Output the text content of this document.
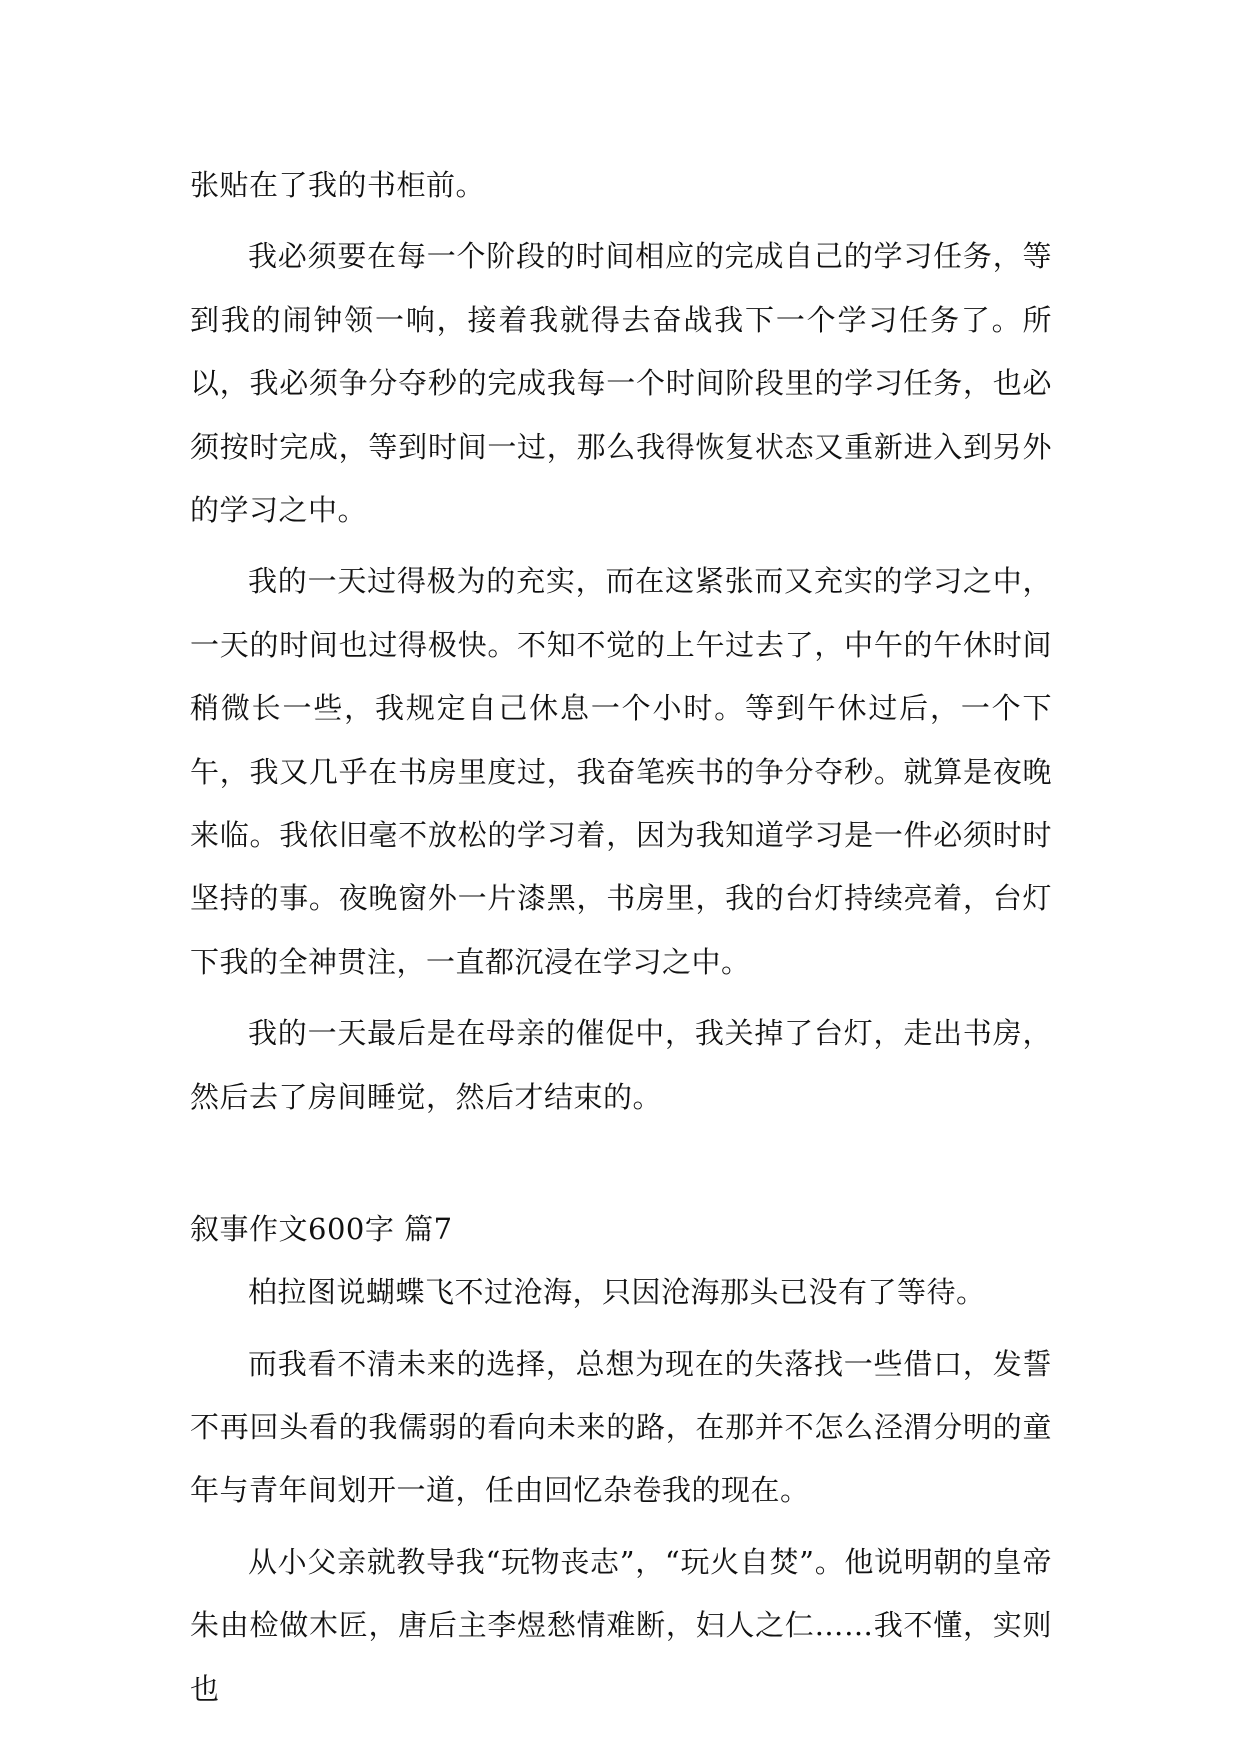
张贴在了我的书柜前。

我必须要在每一个阶段的时间相应的完成自己的学习任务，等到我的闹钟领一响，接着我就得去奋战我下一个学习任务了。所以，我必须争分夺秒的完成我每一个时间阶段里的学习任务，也必须按时完成，等到时间一过，那么我得恢复状态又重新进入到另外的学习之中。

我的一天过得极为的充实，而在这紧张而又充实的学习之中，一天的时间也过得极快。不知不觉的上午过去了，中午的午休时间稍微长一些，我规定自己休息一个小时。等到午休过后，一个下午，我又几乎在书房里度过，我奋笔疾书的争分夺秒。就算是夜晚来临。我依旧毫不放松的学习着，因为我知道学习是一件必须时时坚持的事。夜晚窗外一片漆黑，书房里，我的台灯持续亮着，台灯下我的全神贯注，一直都沉浸在学习之中。

我的一天最后是在母亲的催促中，我关掉了台灯，走出书房，然后去了房间睡觉，然后才结束的。

叙事作文600字 篇7

柏拉图说蝴蝶飞不过沧海，只因沧海那头已没有了等待。

而我看不清未来的选择，总想为现在的失落找一些借口，发誓不再回头看的我儒弱的看向未来的路，在那并不怎么泾渭分明的童年与青年间划开一道，任由回忆杂卷我的现在。

从小父亲就教导我“玩物丧志”，“玩火自焚”。他说明朝的皇帝朱由检做木匠，唐后主李煜愁情难断，妇人之仁……我不懂，实则也
